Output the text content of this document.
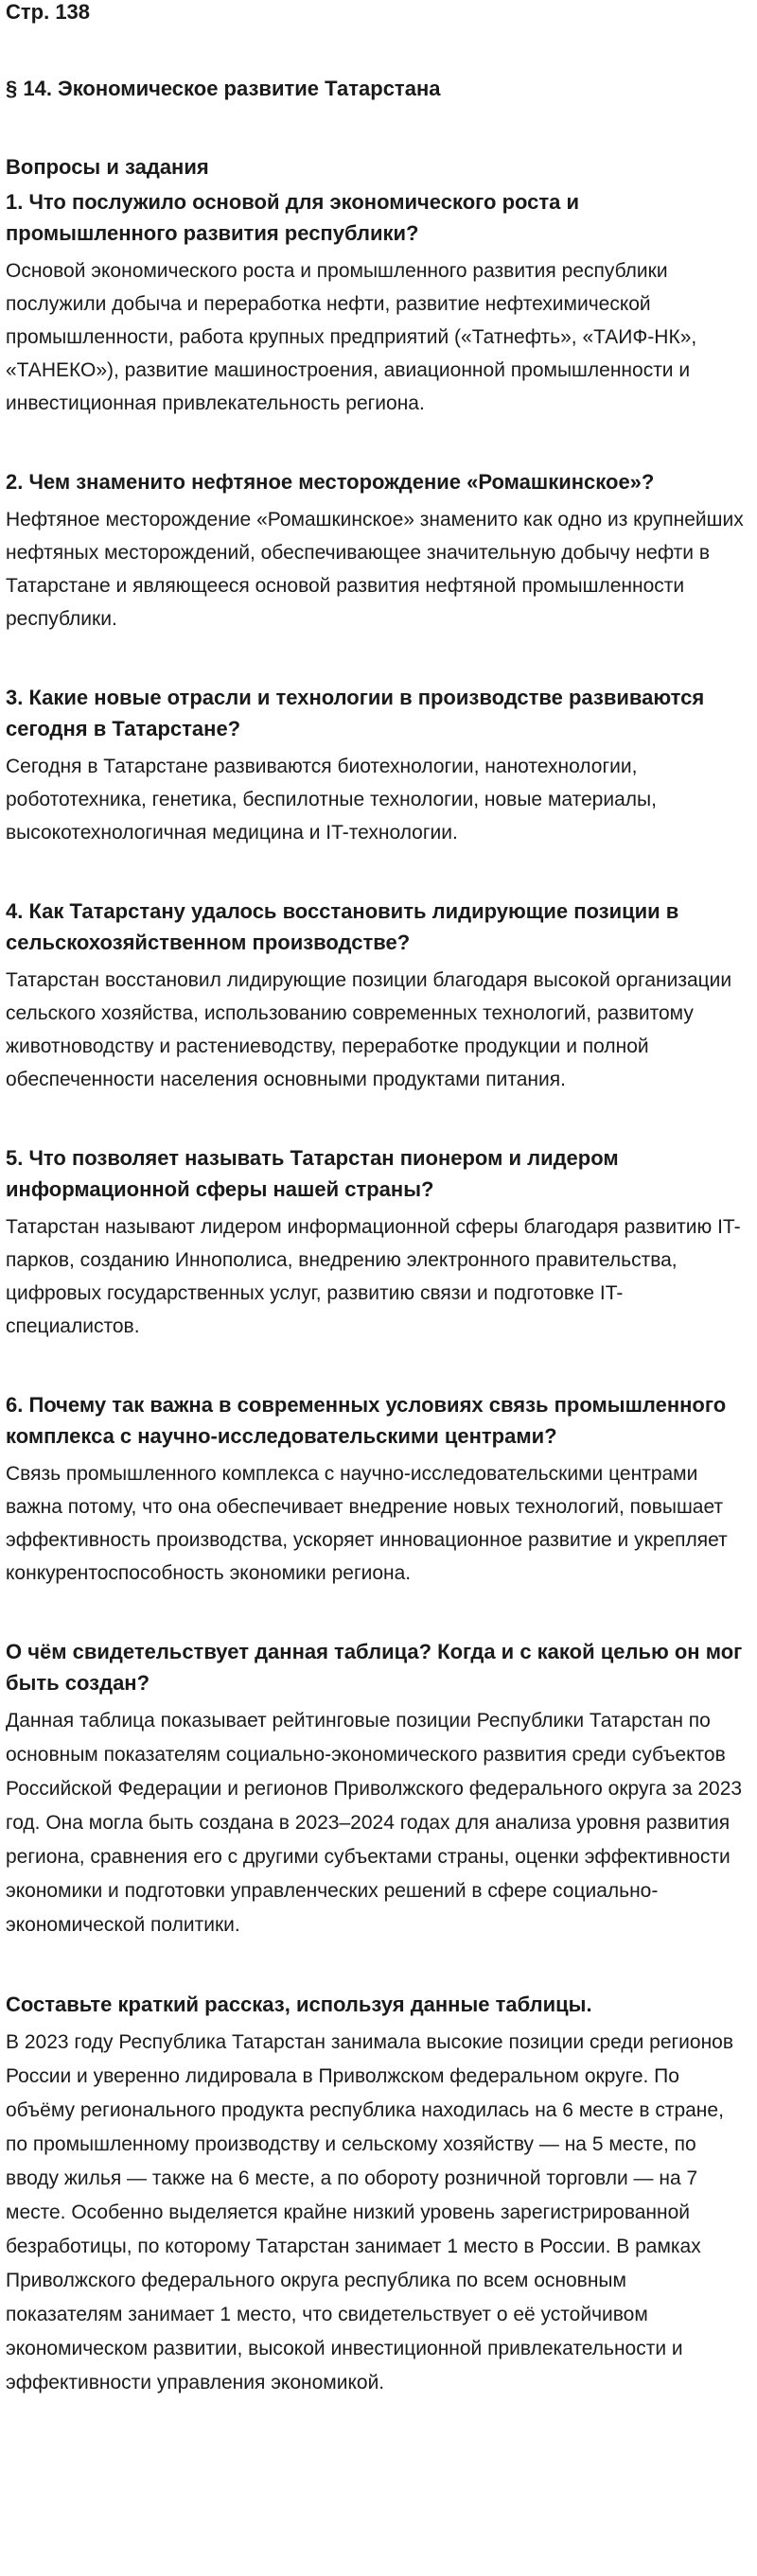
Стр. 138

§ 14. Экономическое развитие Татарстана
Вопросы и задания

1. Что послужило основой для экономического роста и промышленного развития республики?

Основой экономического роста и промышленного развития республики послужили добыча и переработка нефти, развитие нефтехимической промышленности, работа крупных предприятий («Татнефть», «ТАИФ-НК», «ТАНЕКО»), развитие машиностроения, авиационной промышленности и инвестиционная привлекательность региона.

2. Чем знаменито нефтяное месторождение «Ромашкинское»?

Нефтяное месторождение «Ромашкинское» знаменито как одно из крупнейших нефтяных месторождений, обеспечивающее значительную добычу нефти в Татарстане и являющееся основой развития нефтяной промышленности республики.

3. Какие новые отрасли и технологии в производстве развиваются сегодня в Татарстане?

Сегодня в Татарстане развиваются биотехнологии, нанотехнологии, робототехника, генетика, беспилотные технологии, новые материалы, высокотехнологичная медицина и IT-технологии.

4. Как Татарстану удалось восстановить лидирующие позиции в сельскохозяйственном производстве?

Татарстан восстановил лидирующие позиции благодаря высокой организации сельского хозяйства, использованию современных технологий, развитому животноводству и растениеводству, переработке продукции и полной обеспеченности населения основными продуктами питания.

5. Что позволяет называть Татарстан пионером и лидером информационной сферы нашей страны?

Татарстан называют лидером информационной сферы благодаря развитию IT-парков, созданию Иннополиса, внедрению электронного правительства, цифровых государственных услуг, развитию связи и подготовке IT-специалистов.

6. Почему так важна в современных условиях связь промышленного комплекса с научно-исследовательскими центрами?

Связь промышленного комплекса с научно-исследовательскими центрами важна потому, что она обеспечивает внедрение новых технологий, повышает эффективность производства, ускоряет инновационное развитие и укрепляет конкурентоспособность экономики региона.

О чём свидетельствует данная таблица? Когда и с какой целью он мог быть создан?

Данная таблица показывает рейтинговые позиции Республики Татарстан по основным показателям социально-экономического развития среди субъектов Российской Федерации и регионов Приволжского федерального округа за 2023 год. Она могла быть создана в 2023–2024 годах для анализа уровня развития региона, сравнения его с другими субъектами страны, оценки эффективности экономики и подготовки управленческих решений в сфере социально-экономической политики.

Составьте краткий рассказ, используя данные таблицы.

В 2023 году Республика Татарстан занимала высокие позиции среди регионов России и уверенно лидировала в Приволжском федеральном округе. По объёму регионального продукта республика находилась на 6 месте в стране, по промышленному производству и сельскому хозяйству — на 5 месте, по вводу жилья — также на 6 месте, а по обороту розничной торговли — на 7 месте. Особенно выделяется крайне низкий уровень зарегистрированной безработицы, по которому Татарстан занимает 1 место в России. В рамках Приволжского федерального округа республика по всем основным показателям занимает 1 место, что свидетельствует о её устойчивом экономическом развитии, высокой инвестиционной привлекательности и эффективности управления экономикой.
